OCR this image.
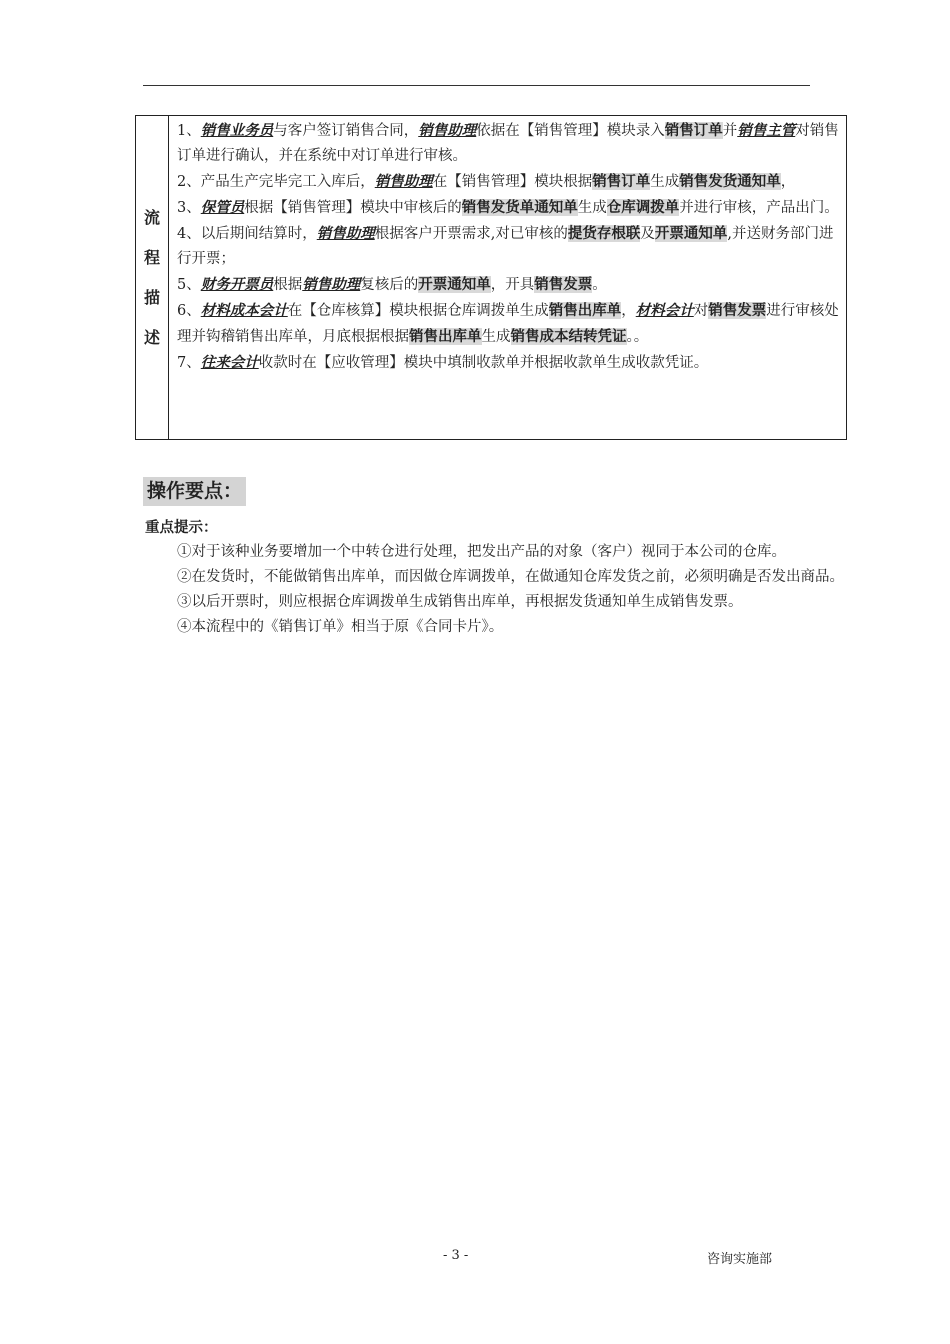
流
程
描
述

1、销售业务员与客户签订销售合同，销售助理依据在【销售管理】模块录入销售订单并销售主管对销售订单进行确认，并在系统中对订单进行审核。

2、产品生产完毕完工入库后，销售助理在【销售管理】模块根据销售订单生成销售发货通知单，

3、保管员根据【销售管理】模块中审核后的销售发货单通知单生成仓库调拨单并进行审核，产品出门。

4、以后期间结算时，销售助理根据客户开票需求,对已审核的提货存根联及开票通知单,并送财务部门进行开票；

5、财务开票员根据销售助理复核后的开票通知单，开具销售发票。

6、材料成本会计在【仓库核算】模块根据仓库调拨单生成销售出库单，材料会计对销售发票进行审核处理并钩稽销售出库单，月底根据根据销售出库单生成销售成本结转凭证。。

7、往来会计收款时在【应收管理】模块中填制收款单并根据收款单生成收款凭证。

操作要点：
重点提示：

①对于该种业务要增加一个中转仓进行处理，把发出产品的对象（客户）视同于本公司的仓库。

②在发货时，不能做销售出库单，而因做仓库调拨单，在做通知仓库发货之前，必须明确是否发出商品。

③以后开票时，则应根据仓库调拨单生成销售出库单，再根据发货通知单生成销售发票。

④本流程中的《销售订单》相当于原《合同卡片》。

- 3 -	咨询实施部
